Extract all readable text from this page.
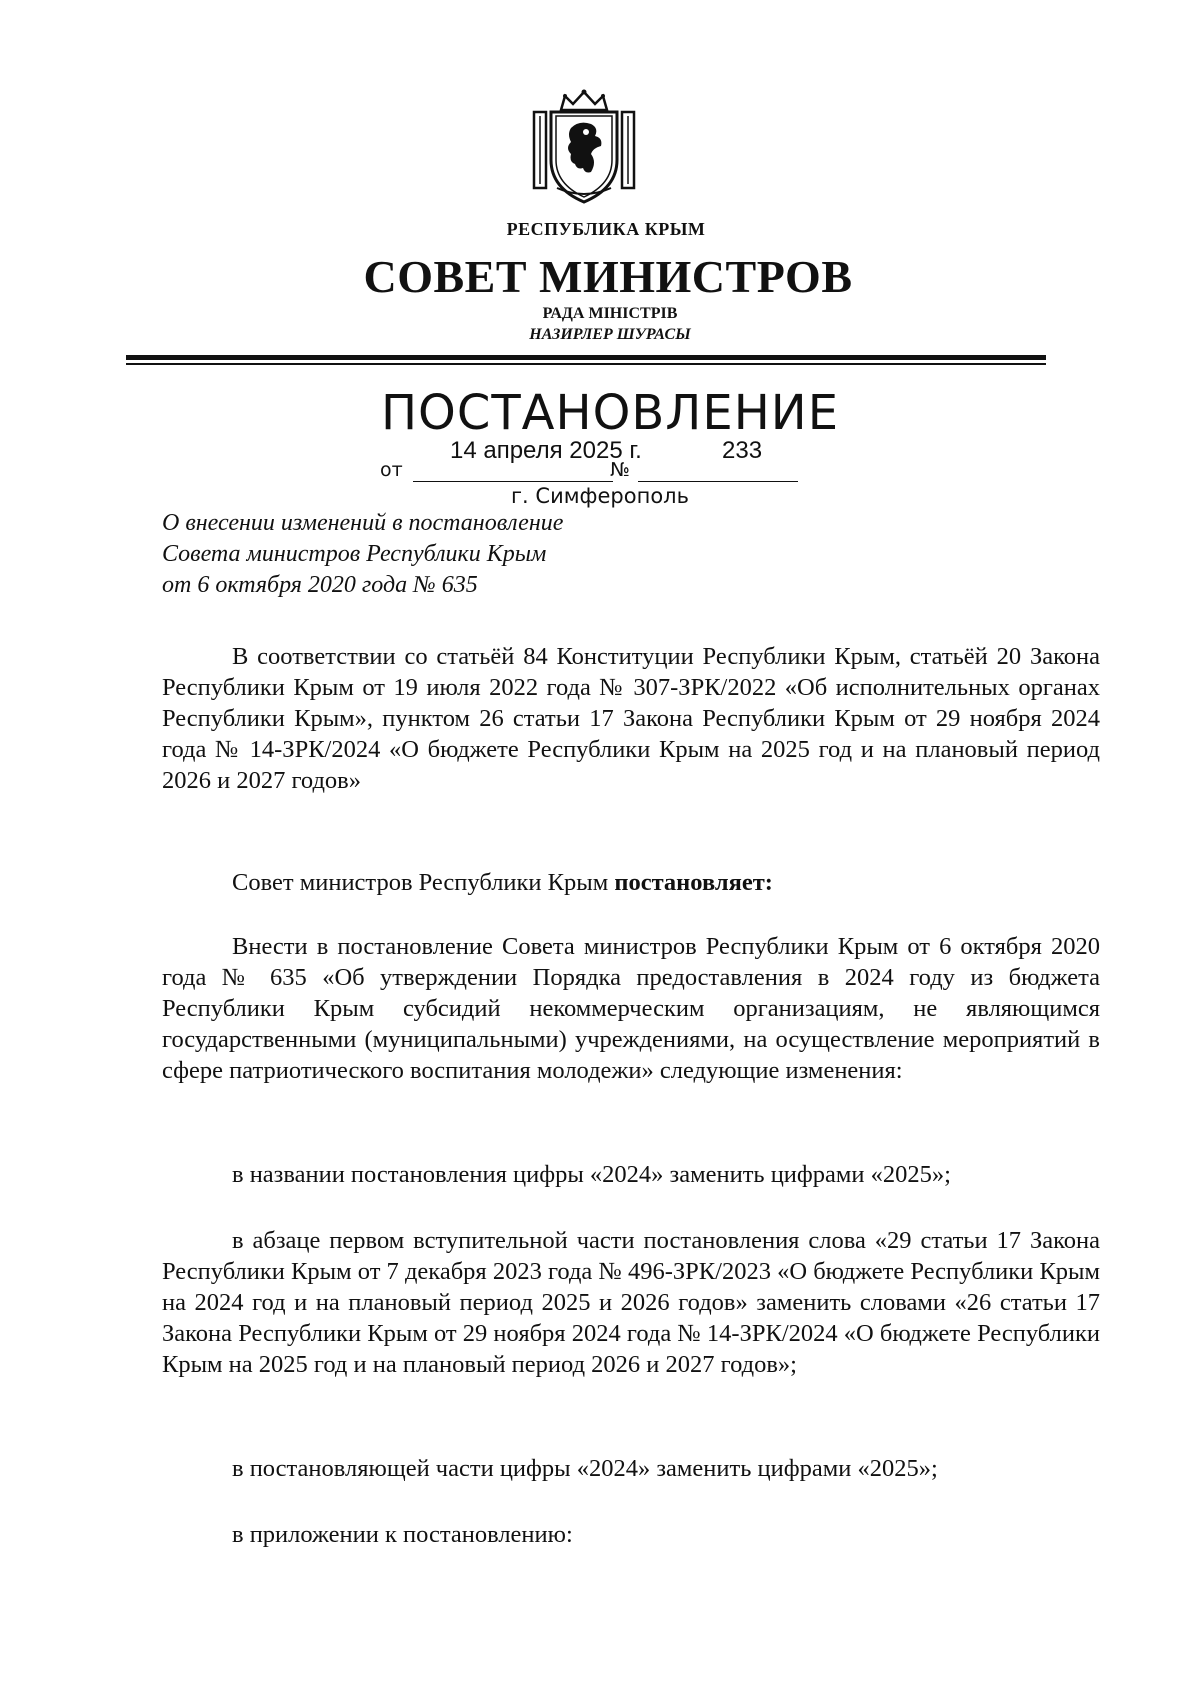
РЕСПУБЛИКА КРЫМ
СОВЕТ МИНИСТРОВ
РАДА МІНІСТРІВ
НАЗИРЛЕР ШУРАСЫ
ПОСТАНОВЛЕНИЕ
от
14 апреля 2025 г.
№
233
г. Симферополь
О внесении изменений в постановление
Совета министров Республики Крым
от 6 октября 2020 года № 635

В соответствии со статьёй 84 Конституции Республики Крым, статьёй 20 Закона Республики Крым от 19 июля 2022 года № 307-ЗРК/2022 «Об исполнительных органах Республики Крым», пунктом 26 статьи 17 Закона Республики Крым от 29 ноября 2024 года № 14-ЗРК/2024 «О бюджете Республики Крым на 2025 год и на плановый период 2026 и 2027 годов»

Совет министров Республики Крым постановляет:

Внести в постановление Совета министров Республики Крым от 6 октября 2020 года № 635 «Об утверждении Порядка предоставления в 2024 году из бюджета Республики Крым субсидий некоммерческим организациям, не являющимся государственными (муниципальными) учреждениями, на осуществление мероприятий в сфере патриотического воспитания молодежи» следующие изменения:

в названии постановления цифры «2024» заменить цифрами «2025»;

в абзаце первом вступительной части постановления слова «29 статьи 17 Закона Республики Крым от 7 декабря 2023 года № 496-ЗРК/2023 «О бюджете Республики Крым на 2024 год и на плановый период 2025 и 2026 годов» заменить словами «26 статьи 17 Закона Республики Крым от 29 ноября 2024 года № 14-ЗРК/2024 «О бюджете Республики Крым на 2025 год и на плановый период 2026 и 2027 годов»;

в постановляющей части цифры «2024» заменить цифрами «2025»;

в приложении к постановлению:
